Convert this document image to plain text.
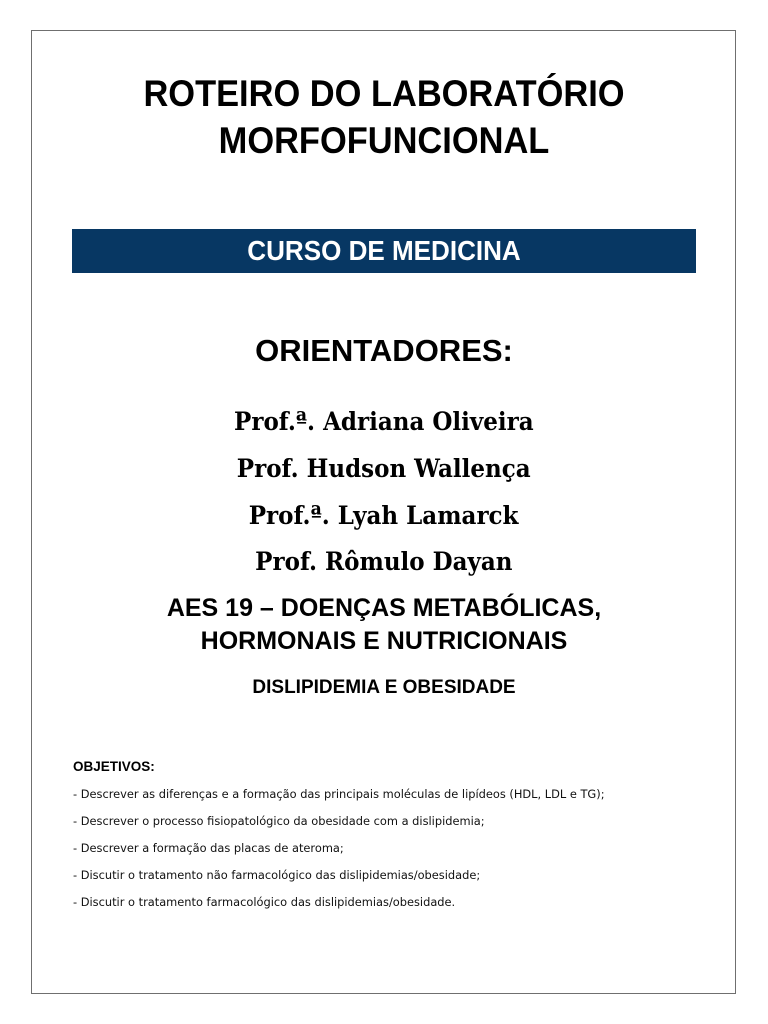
ROTEIRO DO LABORATÓRIO
MORFOFUNCIONAL
CURSO DE MEDICINA
ORIENTADORES:
Prof.ª. Adriana Oliveira
Prof. Hudson Wallença
Prof.ª. Lyah Lamarck
Prof. Rômulo Dayan
AES 19 – DOENÇAS METABÓLICAS,
HORMONAIS E NUTRICIONAIS
DISLIPIDEMIA E OBESIDADE
OBJETIVOS:
- Descrever as diferenças e a formação das principais moléculas de lipídeos (HDL, LDL e TG);
- Descrever o processo fisiopatológico da obesidade com a dislipidemia;
- Descrever a formação das placas de ateroma;
- Discutir o tratamento não farmacológico das dislipidemias/obesidade;
- Discutir o tratamento farmacológico das dislipidemias/obesidade.
